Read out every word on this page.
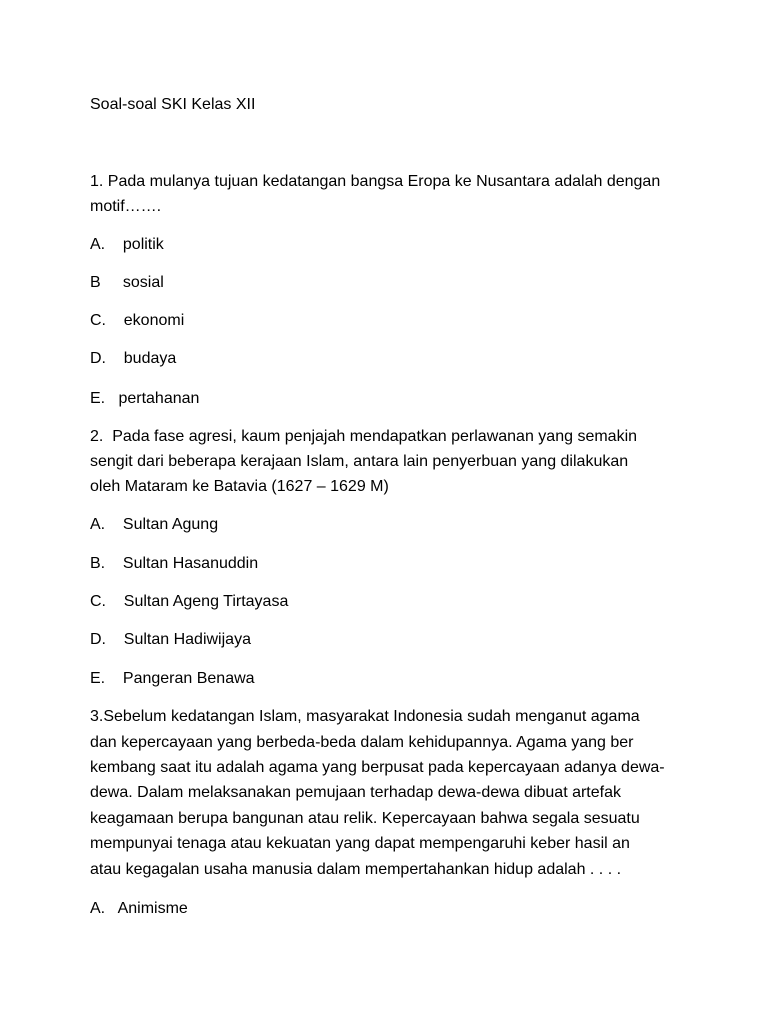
Soal-soal SKI Kelas XII
1. Pada mulanya tujuan kedatangan bangsa Eropa ke Nusantara adalah dengan
motif…….
A.    politik
B     sosial
C.    ekonomi
D.    budaya
E.   pertahanan
2.  Pada fase agresi, kaum penjajah mendapatkan perlawanan yang semakin
sengit dari beberapa kerajaan Islam, antara lain penyerbuan yang dilakukan
oleh Mataram ke Batavia (1627 – 1629 M)
A.    Sultan Agung
B.    Sultan Hasanuddin
C.    Sultan Ageng Tirtayasa
D.    Sultan Hadiwijaya
E.    Pangeran Benawa
3.Sebelum kedatangan Islam, masyarakat Indonesia sudah menganut agama
dan kepercayaan yang berbeda-beda dalam kehidupannya. Agama yang ber
kembang saat itu adalah agama yang berpusat pada kepercayaan adanya dewa-
dewa. Dalam melaksanakan pemujaan terhadap dewa-dewa dibuat artefak
keagamaan berupa bangunan atau relik. Kepercayaan bahwa segala sesuatu
mempunyai tenaga atau kekuatan yang dapat mempengaruhi keber hasil an
atau kegagalan usaha manusia dalam mempertahankan hidup adalah . . . .
A.   Animisme
